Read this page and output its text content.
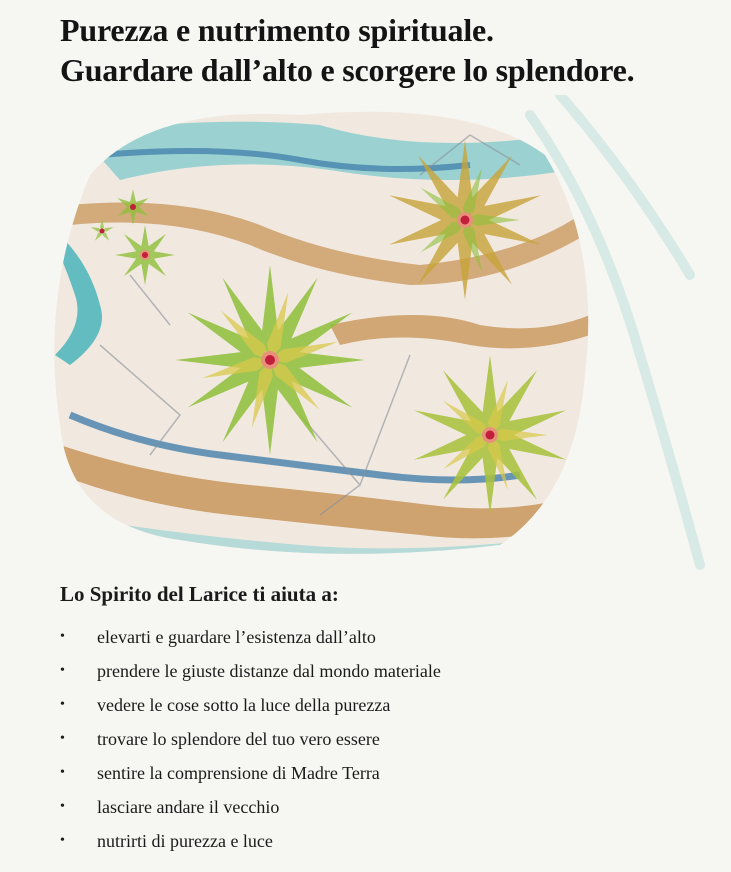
Purezza e nutrimento spirituale.
Guardare dall’alto e scorgere lo splendore.
Lo Spirito del Larice ti aiuta a:
• elevarti e guardare l’esistenza dall’alto
• prendere le giuste distanze dal mondo materiale
• vedere le cose sotto la luce della purezza
• trovare lo splendore del tuo vero essere
• sentire la comprensione di Madre Terra
• lasciare andare il vecchio
• nutrirti di purezza e luce
